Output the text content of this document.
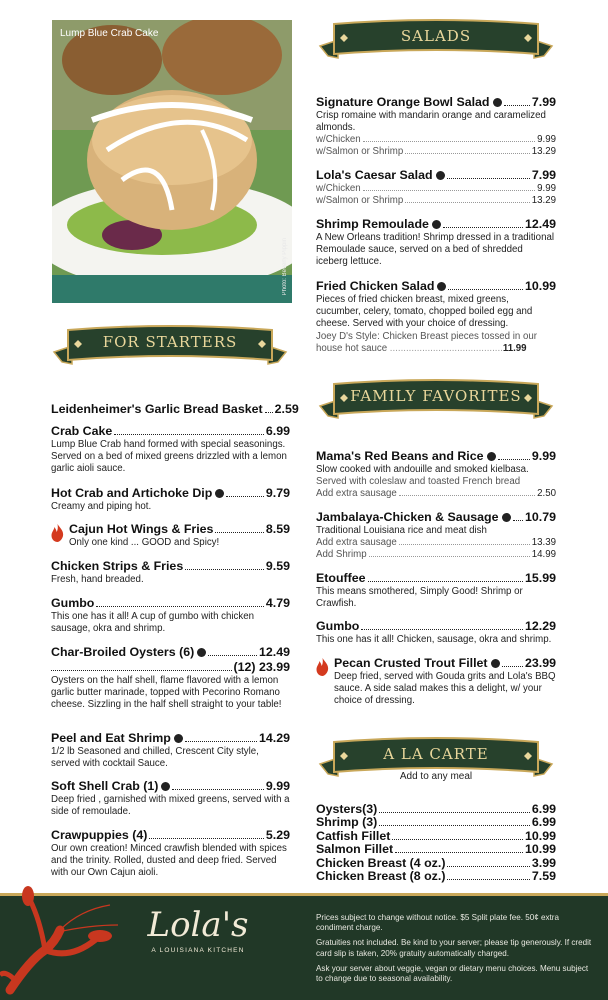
Lump Blue Crab Cake
Photo: Beverly Pippin
SALADS
FOR STARTERS
FAMILY FAVORITES
A LA CARTE
Leidenheimer's Garlic Bread Basket 2.59
Crab Cake	6.99
Lump Blue Crab hand formed with special seasonings. Served on a bed of mixed greens drizzled with a lemon garlic aioli sauce.
Hot Crab and Artichoke Dip	9.79
Creamy and piping hot.
Cajun Hot Wings & Fries	8.59
Only one kind ... GOOD and Spicy!
Chicken Strips & Fries	9.59
Fresh, hand breaded.
Gumbo	4.79
This one has it all! A cup of gumbo with chicken sausage, okra and shrimp.
Char-Broiled Oysters (6)	12.49
(12) 23.99
Oysters on the half shell, flame flavored with a lemon garlic butter marinade, topped with Pecorino Romano cheese. Sizzling in the half shell straight to your table!
Peel and Eat Shrimp	14.29
1/2 lb Seasoned and chilled, Crescent City style, served with cocktail Sauce.
Soft Shell Crab (1)	9.99
Deep fried , garnished with mixed greens, served with a side of remoulade.
Crawpuppies (4)	5.29
Our own creation! Minced crawfish blended with spices and the trinity. Rolled, dusted and deep fried. Served with our Own Cajun aioli.
Signature Orange Bowl Salad	7.99
Crisp romaine with mandarin orange and caramelized almonds.
w/Chicken	9.99
w/Salmon or Shrimp	13.29
Lola's Caesar Salad	7.99
w/Chicken	9.99
w/Salmon or Shrimp	13.29
Shrimp Remoulade	12.49
A New Orleans tradition! Shrimp dressed in a traditional Remoulade sauce, served on a bed of shredded iceberg lettuce.
Fried Chicken Salad	10.99
Pieces of fried chicken breast, mixed greens, cucumber, celery, tomato, chopped boiled egg and cheese. Served with your choice of dressing.
Joey D's Style: Chicken Breast pieces tossed in our house hot sauce ..........................................11.99
Mama's Red Beans and Rice	9.99
Slow cooked with andouille and smoked kielbasa.
Served with coleslaw and toasted French bread
Add extra sausage	2.50
Jambalaya-Chicken & Sausage	10.79
Traditional Louisiana rice and meat dish
Add extra sausage	13.39
Add Shrimp	14.99
Etouffee	15.99
This means smothered, Simply Good! Shrimp or Crawfish.
Gumbo	12.29
This one has it all! Chicken, sausage, okra and shrimp.
Pecan Crusted Trout Fillet	23.99
Deep fried, served with Gouda grits and Lola's BBQ sauce. A side salad makes this a delight, w/ your choice of dressing.
Add to any meal
Oysters(3)	6.99
Shrimp (3)	6.99
Catfish Fillet	10.99
Salmon Fillet	10.99
Chicken Breast (4 oz.)	3.99
Chicken Breast (8 oz.)	7.59
Lola's
A LOUISIANA KITCHEN

Prices subject to change without notice. $5 Split plate fee. 50¢ extra condiment charge.

Gratuities not included. Be kind to your server; please tip generously. If credit card slip is taken, 20% gratuity automatically charged.

Ask your server about veggie, vegan or dietary menu choices. Menu subject to change due to seasonal availability.
